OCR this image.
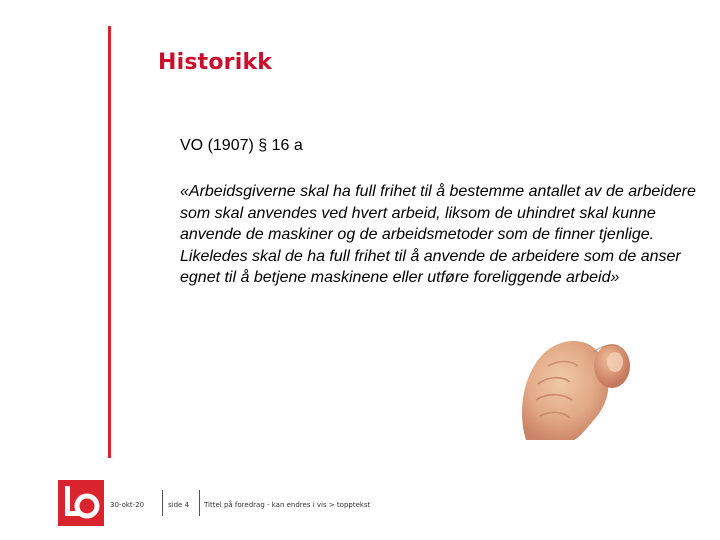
Historikk
VO (1907) § 16 a
«Arbeidsgiverne skal ha full frihet til å bestemme antallet av de arbeidere som skal anvendes ved hvert arbeid, liksom de uhindret skal kunne anvende de maskiner og de arbeidsmetoder som de finner tjenlige. Likeledes skal de ha full frihet til å anvende de arbeidere som de anser egnet til å betjene maskinene eller utføre foreliggende arbeid»
30-okt-20	side 4 Tittel på foredrag - kan endres i vis > topptekst
